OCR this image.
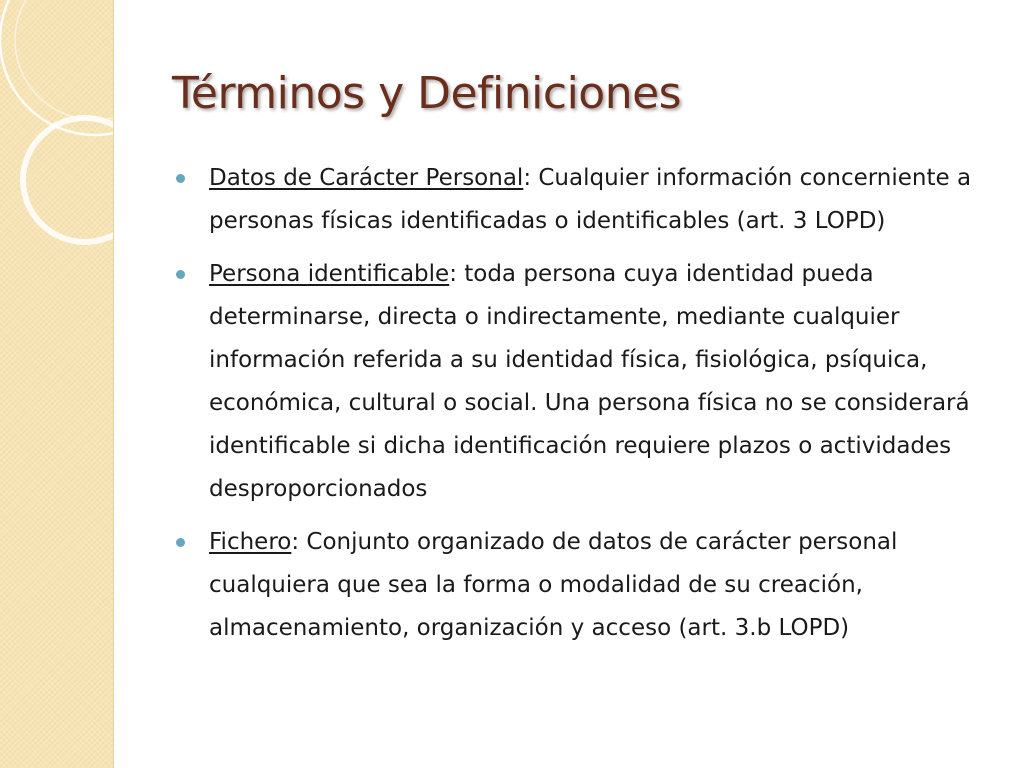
Términos y Definiciones

Datos de Carácter Personal: Cualquier información concerniente a personas físicas identificadas o identificables (art. 3 LOPD)

Persona identificable: toda persona cuya identidad pueda determinarse, directa o indirectamente, mediante cualquier información referida a su identidad física, fisiológica, psíquica, económica, cultural o social. Una persona física no se considerará identificable si dicha identificación requiere plazos o actividades desproporcionados

Fichero: Conjunto organizado de datos de carácter personal cualquiera que sea la forma o modalidad de su creación, almacenamiento, organización y acceso (art. 3.b LOPD)
